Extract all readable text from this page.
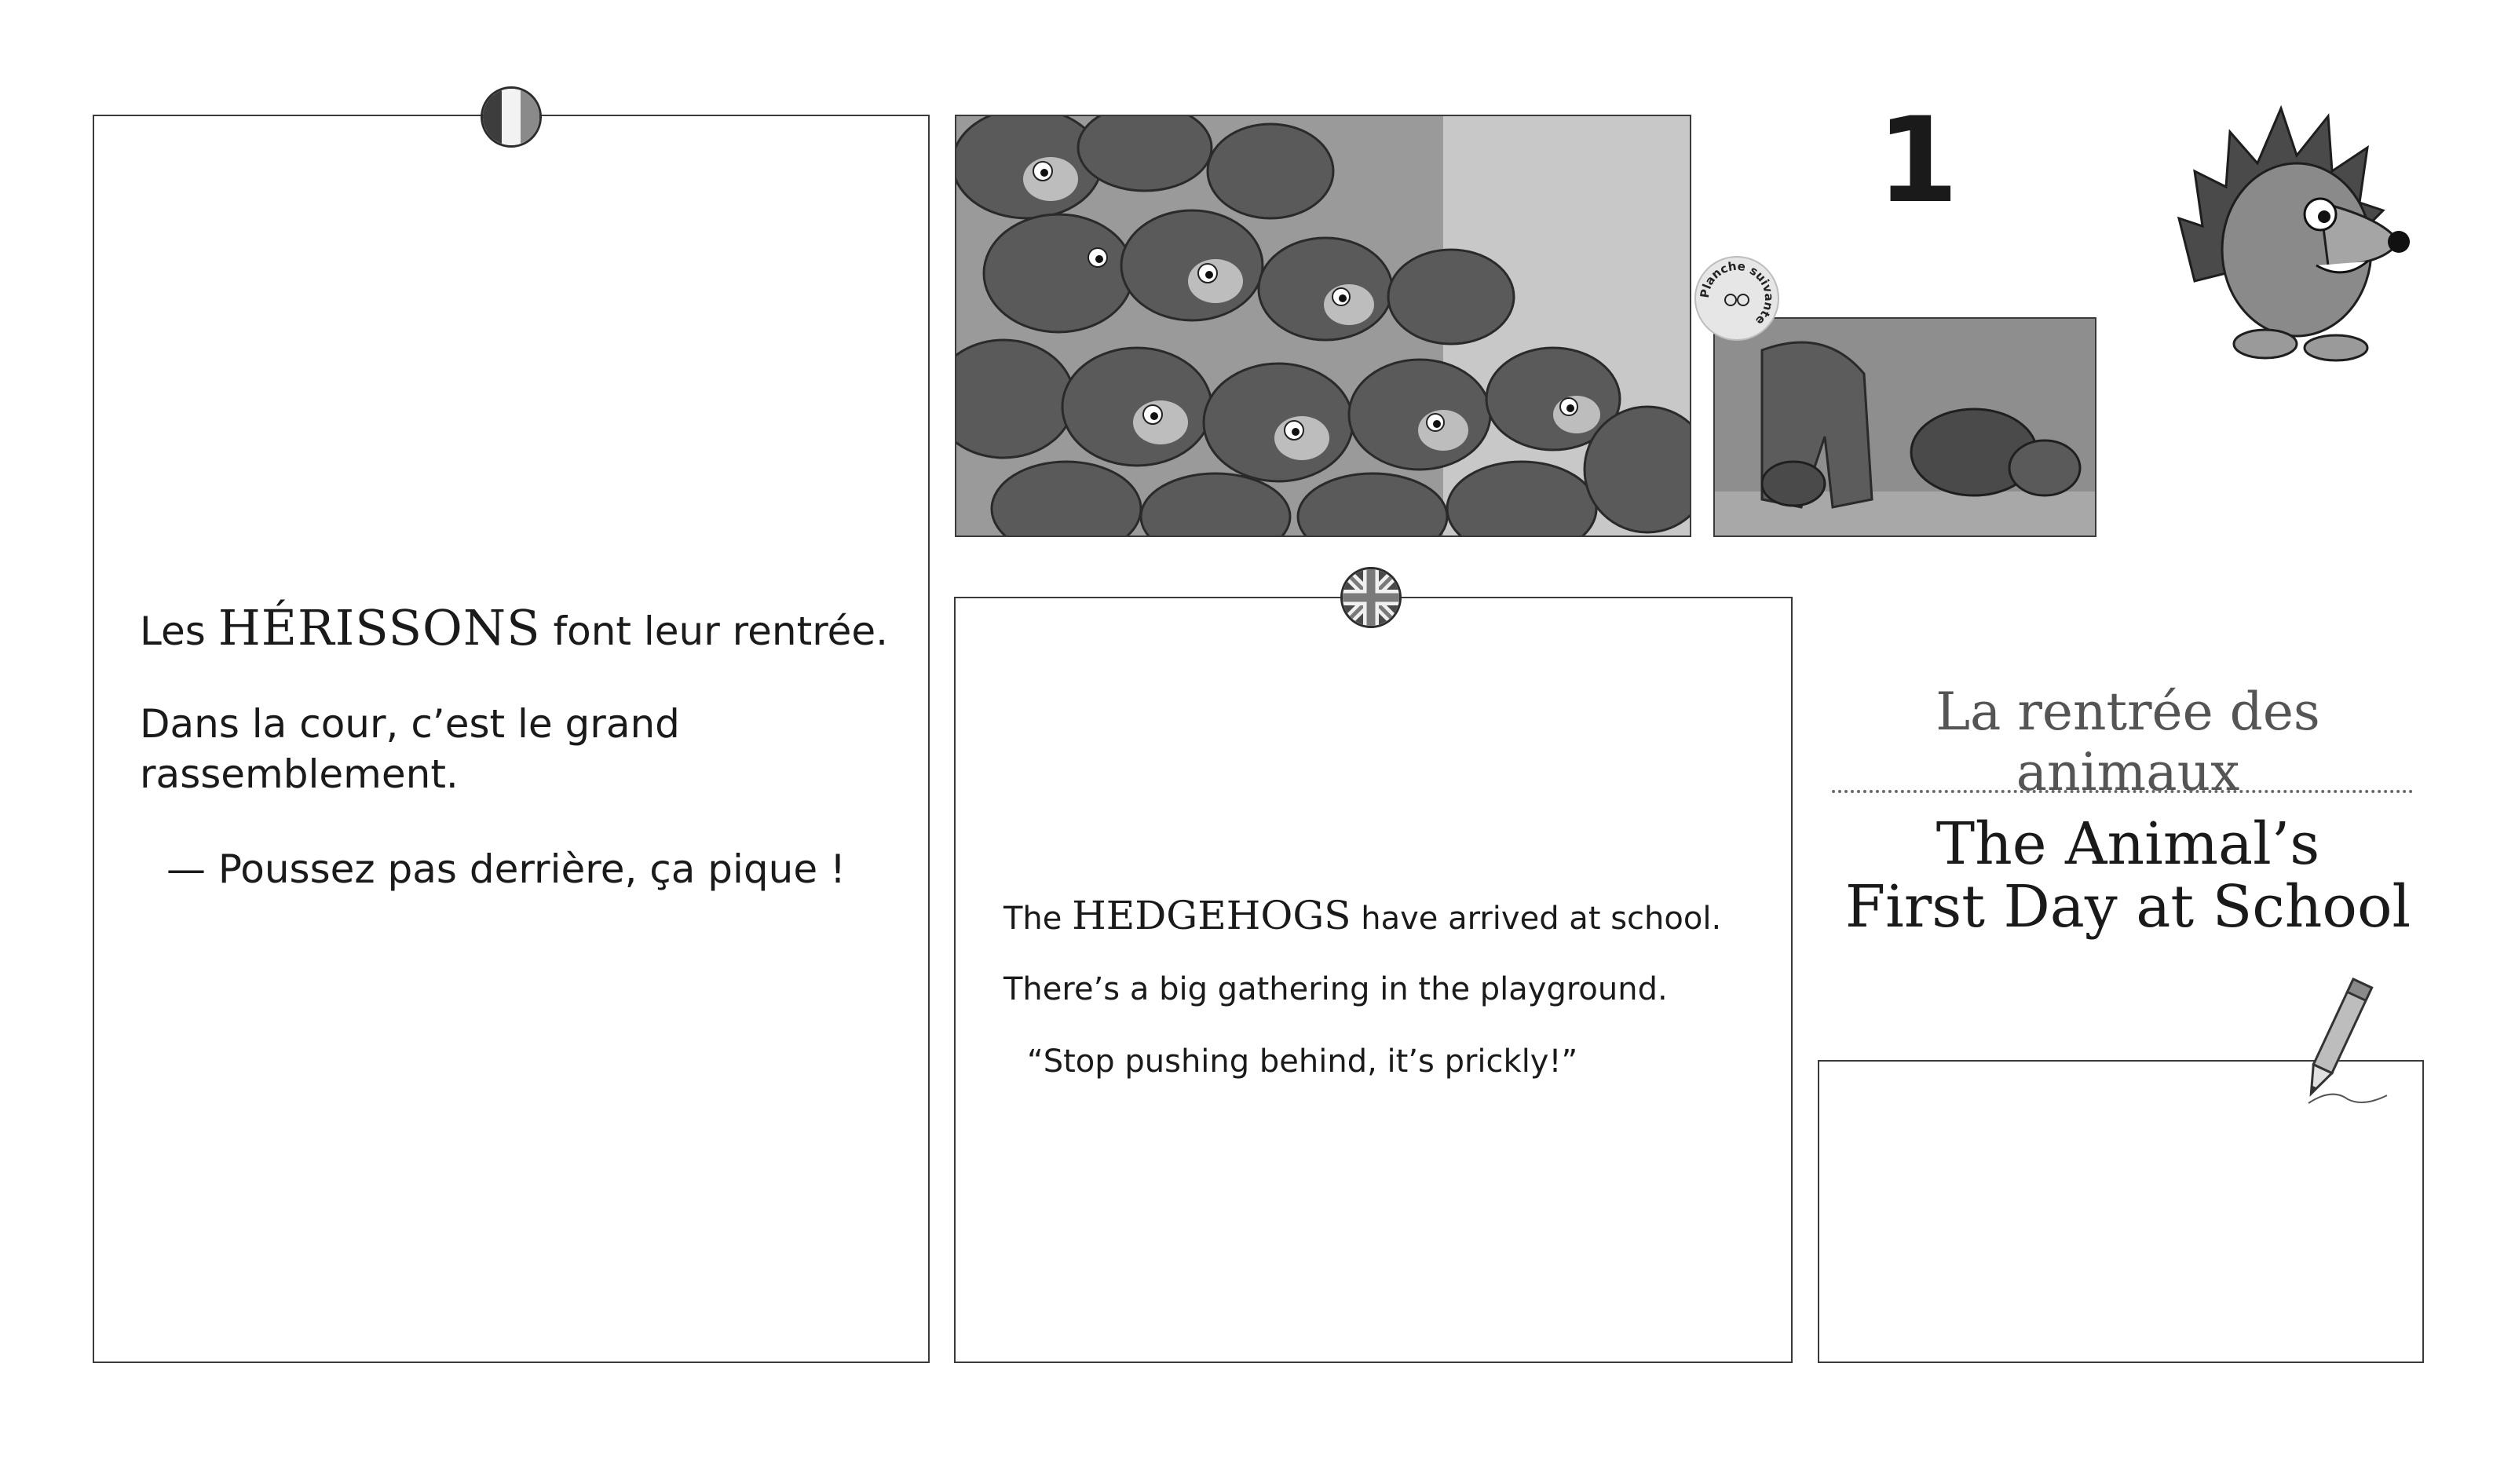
Les HÉRISSONS font leur rentrée.
Dans la cour, c’est le grand rassemblement.
— Poussez pas derrière, ça pique !
1
Planche suivante
La rentrée des animaux
The Animal’s
First Day at School
The HEDGEHOGS have arrived at school.
There’s a big gathering in the playground.
“Stop pushing behind, it’s prickly!”
